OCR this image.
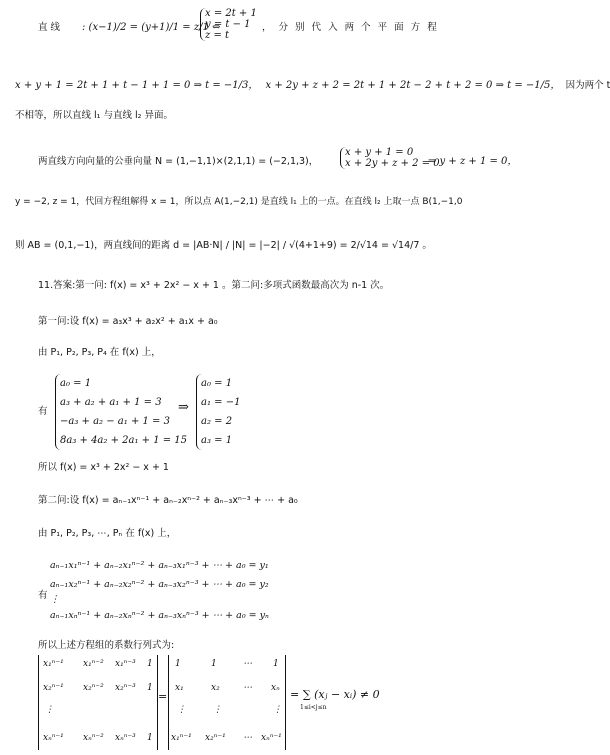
直 线 : (x−1)/2 = (y+1)/1 = z/1 ⇔
x = 2t + 1
y = t − 1
z = t
， 分 别 代 入 两 个 平 面 方 程
x + y + 1 = 2t + 1 + t − 1 + 1 = 0 ⇒ t = −1/3， x + 2y + z + 2 = 2t + 1 + 2t − 2 + t + 2 = 0 ⇒ t = −1/5， 因为两个 t
不相等，所以直线 l₁ 与直线 l₂ 异面。
两直线方向向量的公垂向量 N = (1,−1,1)×(2,1,1) = (−2,1,3)，
x + y + 1 = 0
x + 2y + z + 2 = 0
⇒ y + z + 1 = 0，
y = −2, z = 1，代回方程组解得 x = 1，所以点 A(1,−2,1) 是直线 l₁ 上的一点。在直线 l₂ 上取一点 B(1,−1,0
则 AB = (0,1,−1)，两直线间的距离 d = |AB·N| / |N| = |−2| / √(4+1+9) = 2/√14 = √14/7 。
11.答案:第一问: f(x) = x³ + 2x² − x + 1 。第二问:多项式函数最高次为 n-1 次。
第一问:设 f(x) = a₃x³ + a₂x² + a₁x + a₀
由 P₁, P₂, P₃, P₄ 在 f(x) 上，
有
a₀ = 1
a₃ + a₂ + a₁ + 1 = 3
−a₃ + a₂ − a₁ + 1 = 3
8a₃ + 4a₂ + 2a₁ + 1 = 15
⇒
a₀ = 1
a₁ = −1
a₂ = 2
a₃ = 1
所以 f(x) = x³ + 2x² − x + 1
第二问:设 f(x) = aₙ₋₁xⁿ⁻¹ + aₙ₋₂xⁿ⁻² + aₙ₋₃xⁿ⁻³ + ⋯ + a₀
由 P₁, P₂, P₃, ⋯, Pₙ 在 f(x) 上，
有
aₙ₋₁x₁ⁿ⁻¹ + aₙ₋₂x₁ⁿ⁻² + aₙ₋₃x₁ⁿ⁻³ + ⋯ + a₀ = y₁
aₙ₋₁x₂ⁿ⁻¹ + aₙ₋₂x₂ⁿ⁻² + aₙ₋₃x₂ⁿ⁻³ + ⋯ + a₀ = y₂
⋮
aₙ₋₁xₙⁿ⁻¹ + aₙ₋₂xₙⁿ⁻² + aₙ₋₃xₙⁿ⁻³ + ⋯ + a₀ = yₙ
所以上述方程组的系数行列式为:
x₁ⁿ⁻¹ x₁ⁿ⁻² x₁ⁿ⁻³ 1
x₂ⁿ⁻¹ x₂ⁿ⁻² x₂ⁿ⁻³ 1
⋮
xₙⁿ⁻¹ xₙⁿ⁻² xₙⁿ⁻³ 1
=
1	1	⋯ 1
x₁	x₂	⋯ xₙ
⋮	⋮	⋮
x₁ⁿ⁻¹ x₂ⁿ⁻¹ ⋯ xₙⁿ⁻¹
= ∑ (xⱼ − xᵢ) ≠ 0
1≤i<j≤n
